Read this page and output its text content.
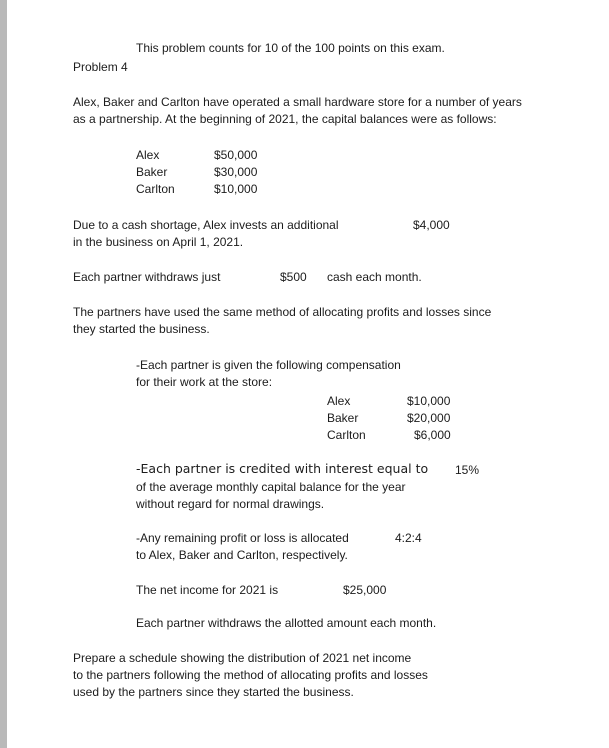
This problem counts for 10 of the 100 points on this exam.
Problem 4
Alex, Baker and Carlton have operated a small hardware store for a number of years
as a partnership. At the beginning of 2021, the capital balances were as follows:
Alex	$50,000
Baker	$30,000
Carlton	$10,000
Due to a cash shortage, Alex invests an additional	$4,000
in the business on April 1, 2021.
Each partner withdraws just	$500 cash each month.
The partners have used the same method of allocating profits and losses since
they started the business.
-Each partner is given the following compensation
for their work at the store:
Alex	$10,000
Baker	$20,000
Carlton	$6,000
-Each partner is credited with interest equal to 15%
of the average monthly capital balance for the year
without regard for normal drawings.
-Any remaining profit or loss is allocated	4:2:4
to Alex, Baker and Carlton, respectively.
The net income for 2021 is	$25,000
Each partner withdraws the allotted amount each month.
Prepare a schedule showing the distribution of 2021 net income
to the partners following the method of allocating profits and losses
used by the partners since they started the business.
